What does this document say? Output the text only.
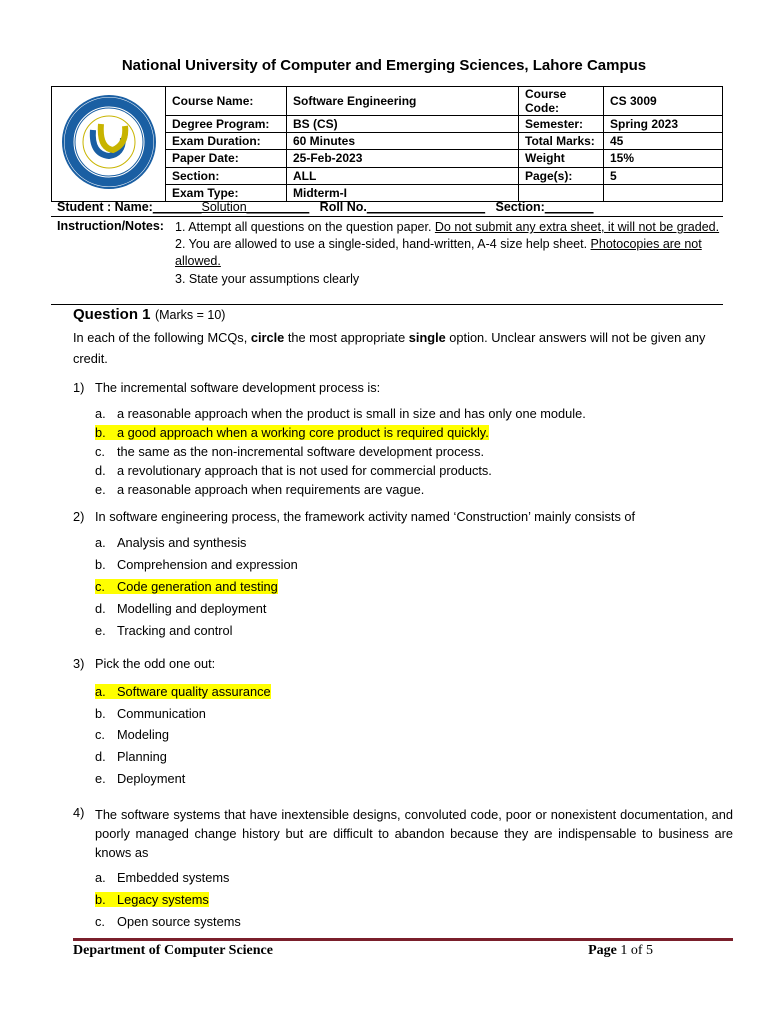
National University of Computer and Emerging Sciences, Lahore Campus
	Course Name:	Software Engineering	Course Code:	CS 3009
	Degree Program:	BS (CS)	Semester:	Spring 2023
	Exam Duration:	60 Minutes	Total Marks:	45
	Paper Date:	25-Feb-2023	Weight	15%
	Section:	ALL	Page(s):	5
	Exam Type:	Midterm-I		
Student : Name:_______Solution_________ Roll No._________________ Section:_______
Instruction/Notes: 1. Attempt all questions on the question paper. Do not submit any extra sheet, it will not be graded.
2. You are allowed to use a single-sided, hand-written, A-4 size help sheet. Photocopies are not allowed.
3. State your assumptions clearly
Question 1 (Marks = 10)
In each of the following MCQs, circle the most appropriate single option. Unclear answers will not be given any credit.
1) The incremental software development process is:
a. a reasonable approach when the product is small in size and has only one module.
b. a good approach when a working core product is required quickly.
c. the same as the non-incremental software development process.
d. a revolutionary approach that is not used for commercial products.
e. a reasonable approach when requirements are vague.
2) In software engineering process, the framework activity named ‘Construction’ mainly consists of
a. Analysis and synthesis
b. Comprehension and expression
c. Code generation and testing
d. Modelling and deployment
e. Tracking and control
3) Pick the odd one out:
a. Software quality assurance
b. Communication
c. Modeling
d. Planning
e. Deployment
4) The software systems that have inextensible designs, convoluted code, poor or nonexistent documentation, and poorly managed change history but are difficult to abandon because they are indispensable to business are knows as
a. Embedded systems
b. Legacy systems
c. Open source systems
Department of Computer Science	Page 1 of 5
